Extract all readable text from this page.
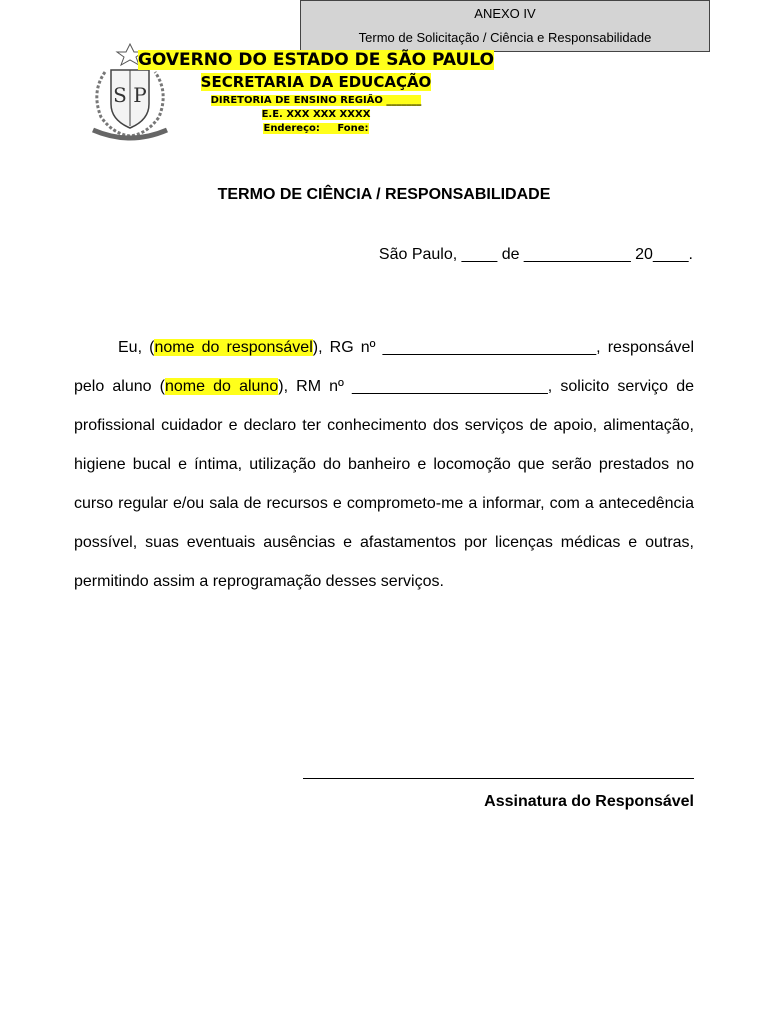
ANEXO IV
Termo de Solicitação / Ciência e Responsabilidade
S P
GOVERNO DO ESTADO DE SÃO PAULO
SECRETARIA DA EDUCAÇÃO
DIRETORIA DE ENSINO REGIÃO _______
E.E. XXX XXX XXXX
Endereço: Fone:
TERMO DE CIÊNCIA / RESPONSABILIDADE
São Paulo, ____ de ____________ 20____.
Eu, (nome do responsável), RG nº ________________________, responsável pelo aluno (nome do aluno), RM nº ______________________, solicito serviço de profissional cuidador e declaro ter conhecimento dos serviços de apoio, alimentação, higiene bucal e íntima, utilização do banheiro e locomoção que serão prestados no curso regular e/ou sala de recursos e comprometo-me a informar, com a antecedência possível, suas eventuais ausências e afastamentos por licenças médicas e outras, permitindo assim a reprogramação desses serviços.
Assinatura do Responsável
